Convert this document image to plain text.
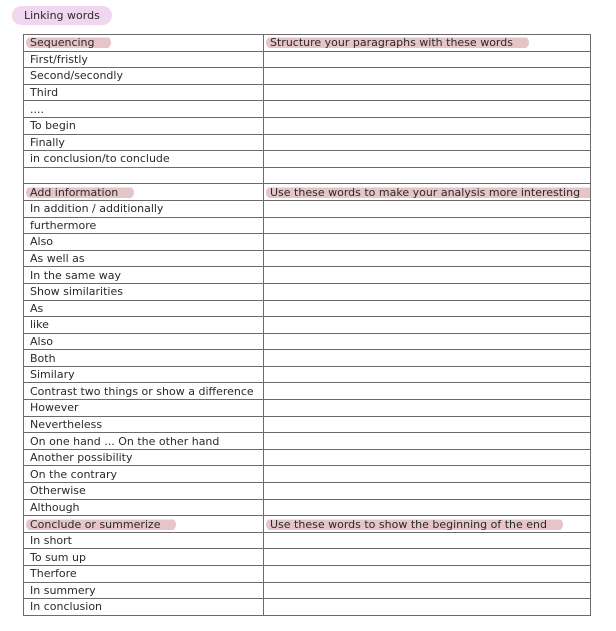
Linking words
Sequencing	Structure your paragraphs with these words
First/fristly	
Second/secondly	
Third	
....	
To begin	
Finally	
in conclusion/to conclude	

Add information	Use these words to make your analysis more interesting
In addition / additionally	
furthermore	
Also	
As well as	
In the same way	
Show similarities	
As	
like	
Also	
Both	
Similary	
Contrast two things or show a difference	
However	
Nevertheless	
On one hand ... On the other hand	
Another possibility	
On the contrary	
Otherwise	
Although	
Conclude or summerize	Use these words to show the beginning of the end
In short	
To sum up	
Therfore	
In summery	
In conclusion	
